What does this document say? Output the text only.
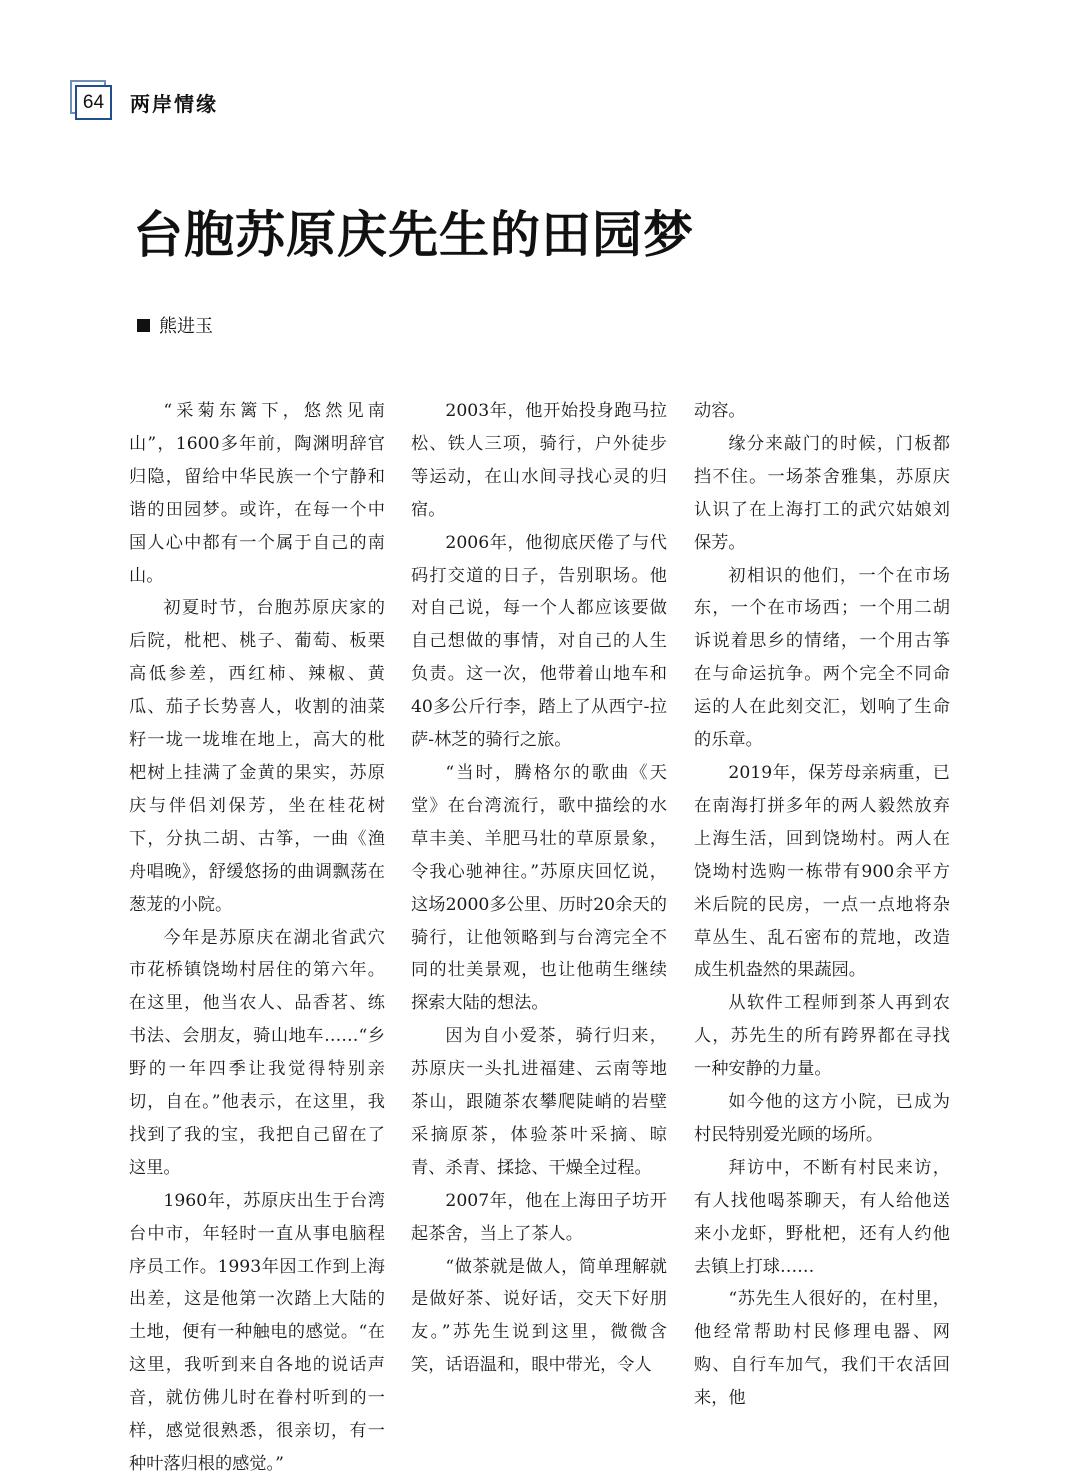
64	两岸情缘
台胞苏原庆先生的田园梦
熊进玉

“采菊东篱下，悠然见南山”，1600多年前，陶渊明辞官归隐，留给中华民族一个宁静和谐的田园梦。或许，在每一个中国人心中都有一个属于自己的南山。

初夏时节，台胞苏原庆家的后院，枇杷、桃子、葡萄、板栗高低参差，西红柿、辣椒、黄瓜、茄子长势喜人，收割的油菜籽一垅一垅堆在地上，高大的枇杷树上挂满了金黄的果实，苏原庆与伴侣刘保芳，坐在桂花树下，分执二胡、古筝，一曲《渔舟唱晚》，舒缓悠扬的曲调飘荡在葱茏的小院。

今年是苏原庆在湖北省武穴市花桥镇饶坳村居住的第六年。在这里，他当农人、品香茗、练书法、会朋友，骑山地车……“乡野的一年四季让我觉得特别亲切，自在。”他表示，在这里，我找到了我的宝，我把自己留在了这里。

1960年，苏原庆出生于台湾台中市，年轻时一直从事电脑程序员工作。1993年因工作到上海出差，这是他第一次踏上大陆的土地，便有一种触电的感觉。“在这里，我听到来自各地的说话声音，就仿佛儿时在眷村听到的一样，感觉很熟悉，很亲切，有一种叶落归根的感觉。”

2003年，他开始投身跑马拉松、铁人三项，骑行，户外徒步等运动，在山水间寻找心灵的归宿。

2006年，他彻底厌倦了与代码打交道的日子，告别职场。他对自己说，每一个人都应该要做自己想做的事情，对自己的人生负责。这一次，他带着山地车和40多公斤行李，踏上了从西宁-拉萨-林芝的骑行之旅。

“当时，腾格尔的歌曲《天堂》在台湾流行，歌中描绘的水草丰美、羊肥马壮的草原景象，令我心驰神往。”苏原庆回忆说，这场2000多公里、历时20余天的骑行，让他领略到与台湾完全不同的壮美景观，也让他萌生继续探索大陆的想法。

因为自小爱茶，骑行归来，苏原庆一头扎进福建、云南等地茶山，跟随茶农攀爬陡峭的岩壁采摘原茶，体验茶叶采摘、晾青、杀青、揉捻、干燥全过程。

2007年，他在上海田子坊开起茶舍，当上了茶人。

“做茶就是做人，简单理解就是做好茶、说好话，交天下好朋友。”苏先生说到这里，微微含笑，话语温和，眼中带光，令人

动容。

缘分来敲门的时候，门板都挡不住。一场茶舍雅集，苏原庆认识了在上海打工的武穴姑娘刘保芳。

初相识的他们，一个在市场东，一个在市场西；一个用二胡诉说着思乡的情绪，一个用古筝在与命运抗争。两个完全不同命运的人在此刻交汇，划响了生命的乐章。

2019年，保芳母亲病重，已在南海打拼多年的两人毅然放弃上海生活，回到饶坳村。两人在饶坳村选购一栋带有900余平方米后院的民房，一点一点地将杂草丛生、乱石密布的荒地，改造成生机盎然的果蔬园。

从软件工程师到茶人再到农人，苏先生的所有跨界都在寻找一种安静的力量。

如今他的这方小院，已成为村民特别爱光顾的场所。

拜访中，不断有村民来访，有人找他喝茶聊天，有人给他送来小龙虾，野枇杷，还有人约他去镇上打球……

“苏先生人很好的，在村里，他经常帮助村民修理电器、网购、自行车加气，我们干农活回来，他
